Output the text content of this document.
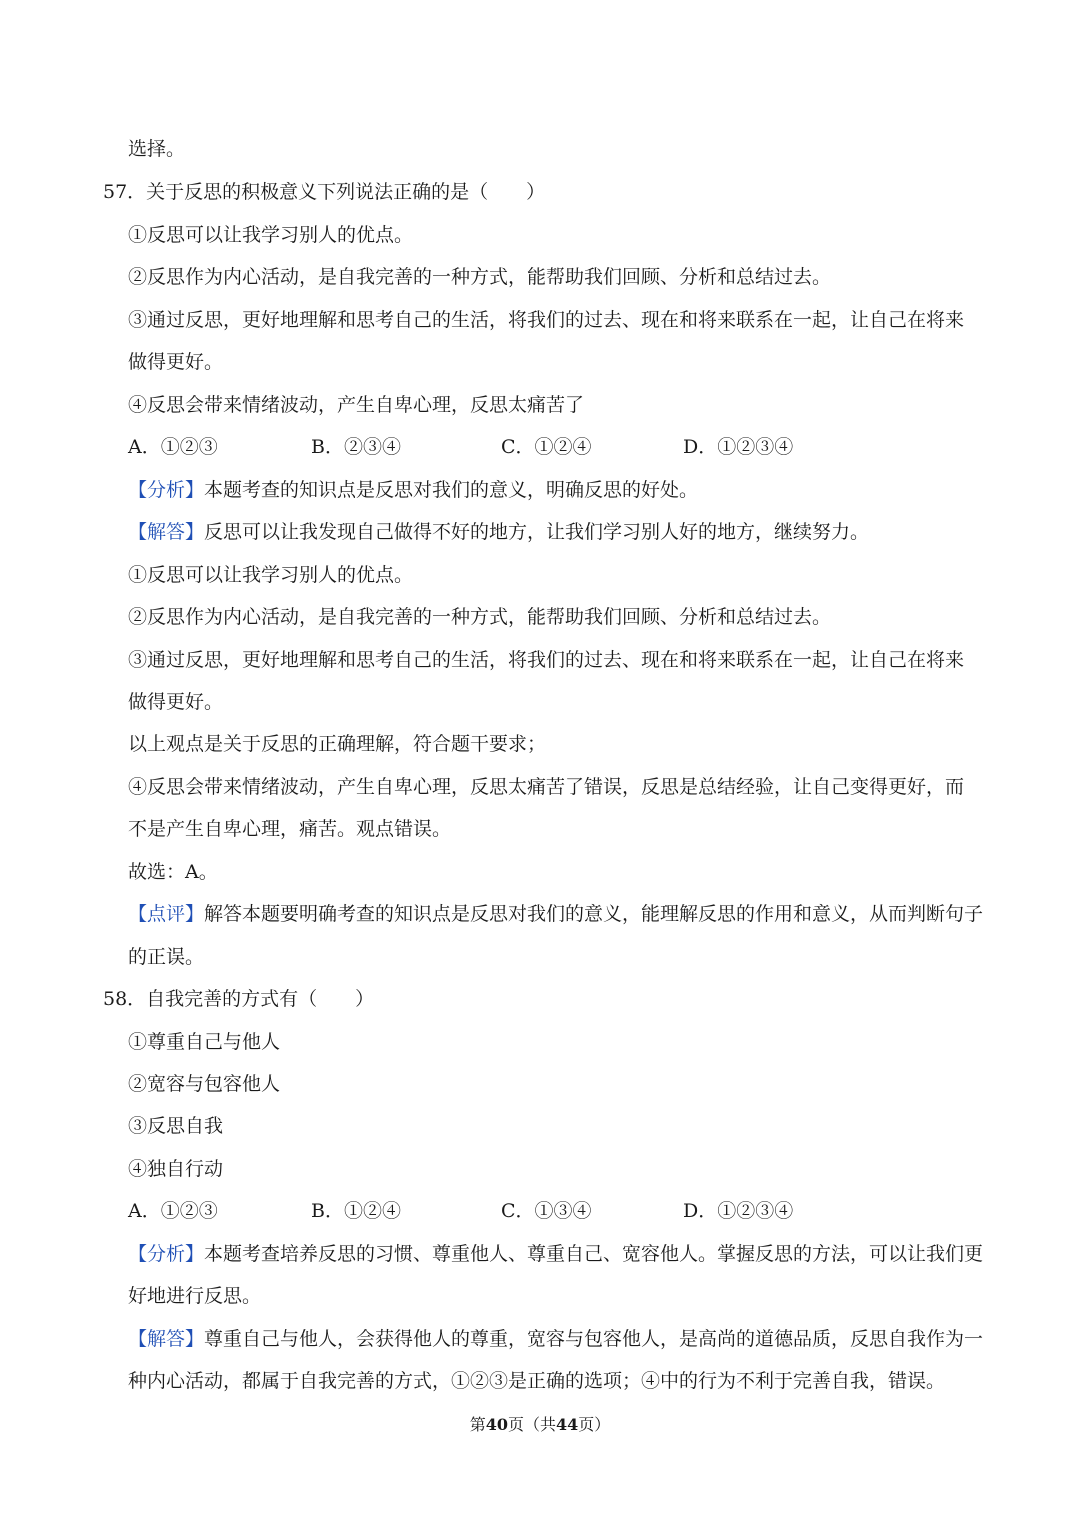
选择。
57．关于反思的积极意义下列说法正确的是（　　）
①反思可以让我学习别人的优点。
②反思作为内心活动，是自我完善的一种方式，能帮助我们回顾、分析和总结过去。
③通过反思，更好地理解和思考自己的生活，将我们的过去、现在和将来联系在一起，让自己在将来
做得更好。
④反思会带来情绪波动，产生自卑心理，反思太痛苦了
A．①②③	B．②③④	C．①②④	D．①②③④
【分析】本题考查的知识点是反思对我们的意义，明确反思的好处。
【解答】反思可以让我发现自己做得不好的地方，让我们学习别人好的地方，继续努力。
①反思可以让我学习别人的优点。
②反思作为内心活动，是自我完善的一种方式，能帮助我们回顾、分析和总结过去。
③通过反思，更好地理解和思考自己的生活，将我们的过去、现在和将来联系在一起，让自己在将来
做得更好。
以上观点是关于反思的正确理解，符合题干要求；
④反思会带来情绪波动，产生自卑心理，反思太痛苦了错误，反思是总结经验，让自己变得更好，而
不是产生自卑心理，痛苦。观点错误。
故选：A。
【点评】解答本题要明确考查的知识点是反思对我们的意义，能理解反思的作用和意义，从而判断句子
的正误。
58．自我完善的方式有（　　）
①尊重自己与他人
②宽容与包容他人
③反思自我
④独自行动
A．①②③	B．①②④	C．①③④	D．①②③④
【分析】本题考查培养反思的习惯、尊重他人、尊重自己、宽容他人。掌握反思的方法，可以让我们更
好地进行反思。
【解答】尊重自己与他人，会获得他人的尊重，宽容与包容他人，是高尚的道德品质，反思自我作为一
种内心活动，都属于自我完善的方式，①②③是正确的选项；④中的行为不利于完善自我，错误。
第40页（共44页）
